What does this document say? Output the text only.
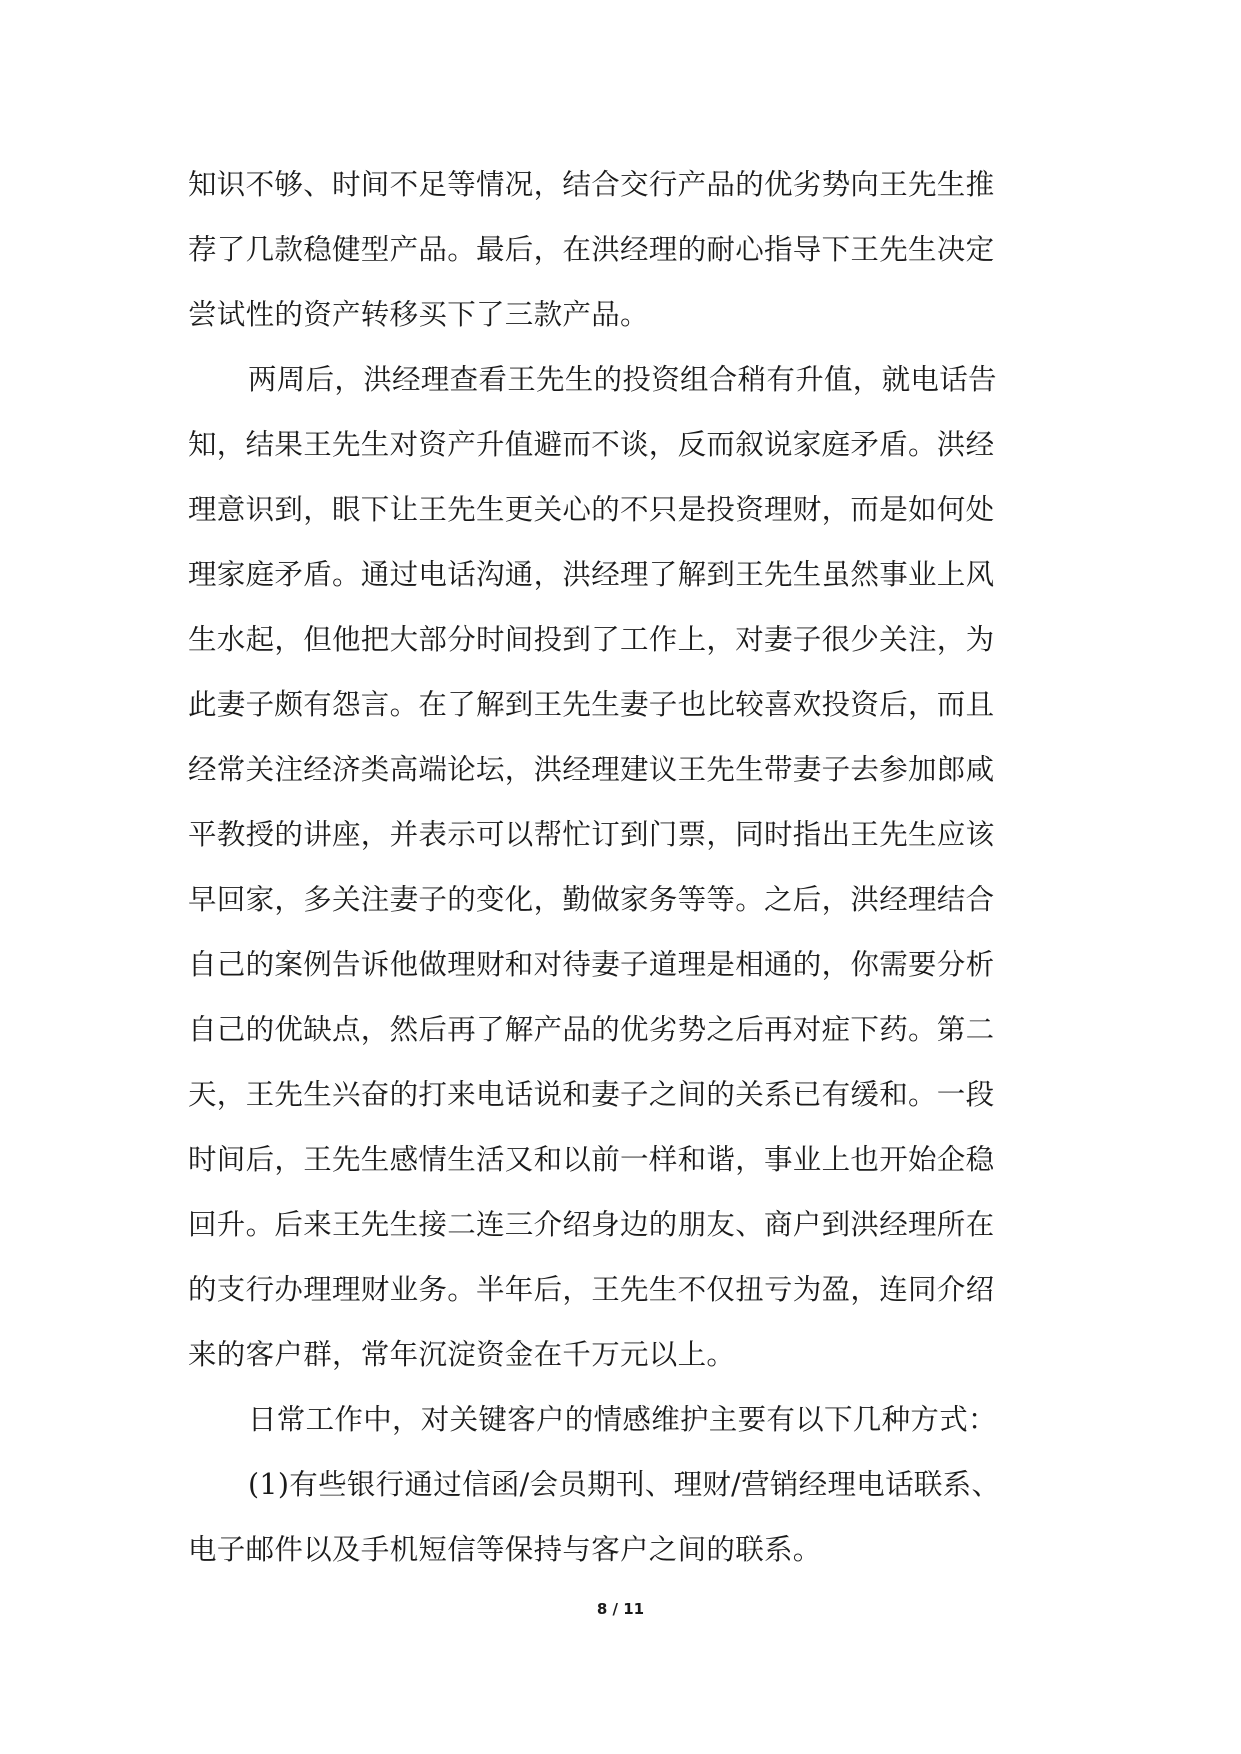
知识不够、时间不足等情况，结合交行产品的优劣势向王先生推
荐了几款稳健型产品。最后，在洪经理的耐心指导下王先生决定
尝试性的资产转移买下了三款产品。
两周后，洪经理查看王先生的投资组合稍有升值，就电话告
知，结果王先生对资产升值避而不谈，反而叙说家庭矛盾。洪经
理意识到，眼下让王先生更关心的不只是投资理财，而是如何处
理家庭矛盾。通过电话沟通，洪经理了解到王先生虽然事业上风
生水起，但他把大部分时间投到了工作上，对妻子很少关注，为
此妻子颇有怨言。在了解到王先生妻子也比较喜欢投资后，而且
经常关注经济类高端论坛，洪经理建议王先生带妻子去参加郎咸
平教授的讲座，并表示可以帮忙订到门票，同时指出王先生应该
早回家，多关注妻子的变化，勤做家务等等。之后，洪经理结合
自己的案例告诉他做理财和对待妻子道理是相通的，你需要分析
自己的优缺点，然后再了解产品的优劣势之后再对症下药。第二
天，王先生兴奋的打来电话说和妻子之间的关系已有缓和。一段
时间后，王先生感情生活又和以前一样和谐，事业上也开始企稳
回升。后来王先生接二连三介绍身边的朋友、商户到洪经理所在
的支行办理理财业务。半年后，王先生不仅扭亏为盈，连同介绍
来的客户群，常年沉淀资金在千万元以上。
日常工作中，对关键客户的情感维护主要有以下几种方式：
(1)有些银行通过信函/会员期刊、理财/营销经理电话联系、
电子邮件以及手机短信等保持与客户之间的联系。
8 / 11
